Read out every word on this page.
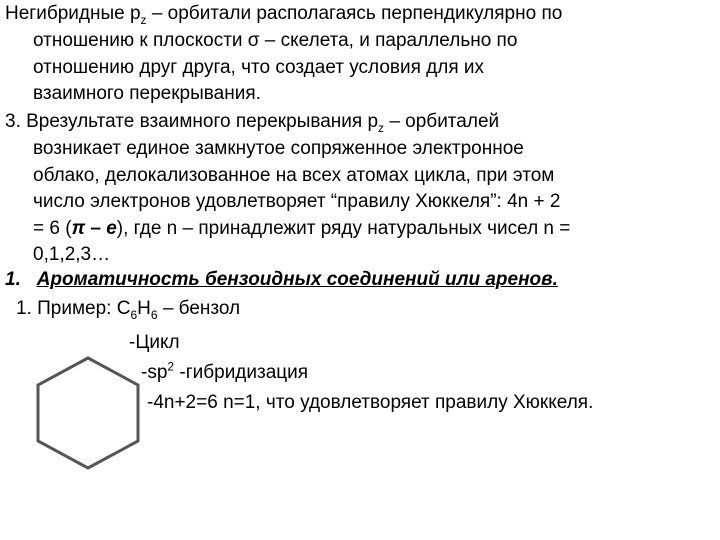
Негибридные $p_z$ – орбитали располагаясь перпендикулярно по
отношению к плоскости σ – скелета, и параллельно по
отношению друг друга, что создает условия для их
взаимного перекрывания.
3. Врезультате взаимного перекрывания $p_z$ – орбиталей
возникает единое замкнутое сопряженное электронное
облако, делокализованное на всех атомах цикла, при этом
число электронов удовлетворяет “правилу Хюккеля”: 4n + 2
= 6 (π – e), где n – принадлежит ряду натуральных чисел n =
0,1,2,3…
1. Ароматичность бензоидных соединений или аренов.
1. Пример: $C_6H_6$ – бензол
-Цикл
$-sp^2$ -гибридизация
-4n+2=6 n=1, что удовлетворяет правилу Хюккеля.
